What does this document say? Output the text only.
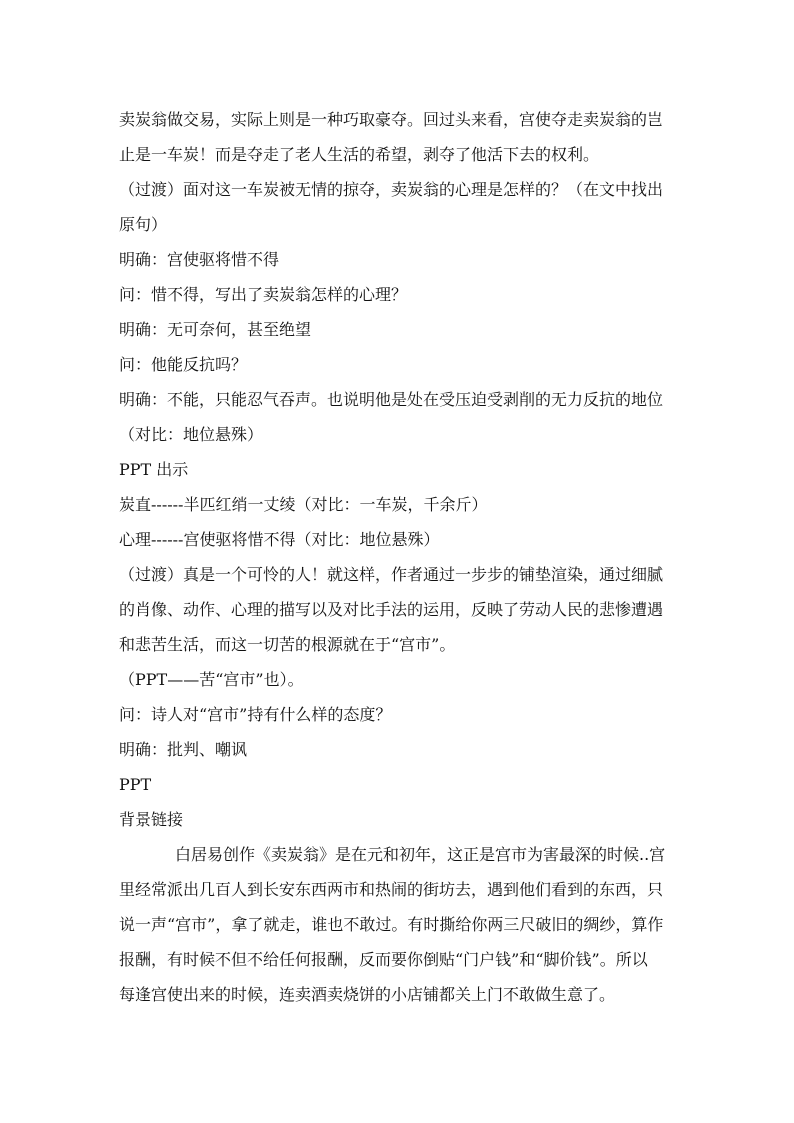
卖炭翁做交易，实际上则是一种巧取豪夺。回过头来看，宫使夺走卖炭翁的岂
止是一车炭！而是夺走了老人生活的希望，剥夺了他活下去的权利。
（过渡）面对这一车炭被无情的掠夺，卖炭翁的心理是怎样的？（在文中找出
原句）
明确：宫使驱将惜不得
问：惜不得，写出了卖炭翁怎样的心理？
明确：无可奈何，甚至绝望
问：他能反抗吗？
明确：不能，只能忍气吞声。也说明他是处在受压迫受剥削的无力反抗的地位
（对比：地位悬殊）
PPT 出示
炭直------半匹红绡一丈绫（对比：一车炭，千余斤）
心理------宫使驱将惜不得（对比：地位悬殊）
（过渡）真是一个可怜的人！就这样，作者通过一步步的铺垫渲染，通过细腻
的肖像、动作、心理的描写以及对比手法的运用，反映了劳动人民的悲惨遭遇
和悲苦生活，而这一切苦的根源就在于“宫市”。
（PPT——苦“宫市”也）。
问：诗人对“宫市”持有什么样的态度？
明确：批判、嘲讽
PPT
背景链接
白居易创作《卖炭翁》是在元和初年，这正是宫市为害最深的时候..宫
里经常派出几百人到长安东西两市和热闹的街坊去，遇到他们看到的东西，只
说一声“宫市”，拿了就走，谁也不敢过。有时撕给你两三尺破旧的绸纱，算作
报酬，有时候不但不给任何报酬，反而要你倒贴“门户钱”和“脚价钱”。所以
每逢宫使出来的时候，连卖酒卖烧饼的小店铺都关上门不敢做生意了。
